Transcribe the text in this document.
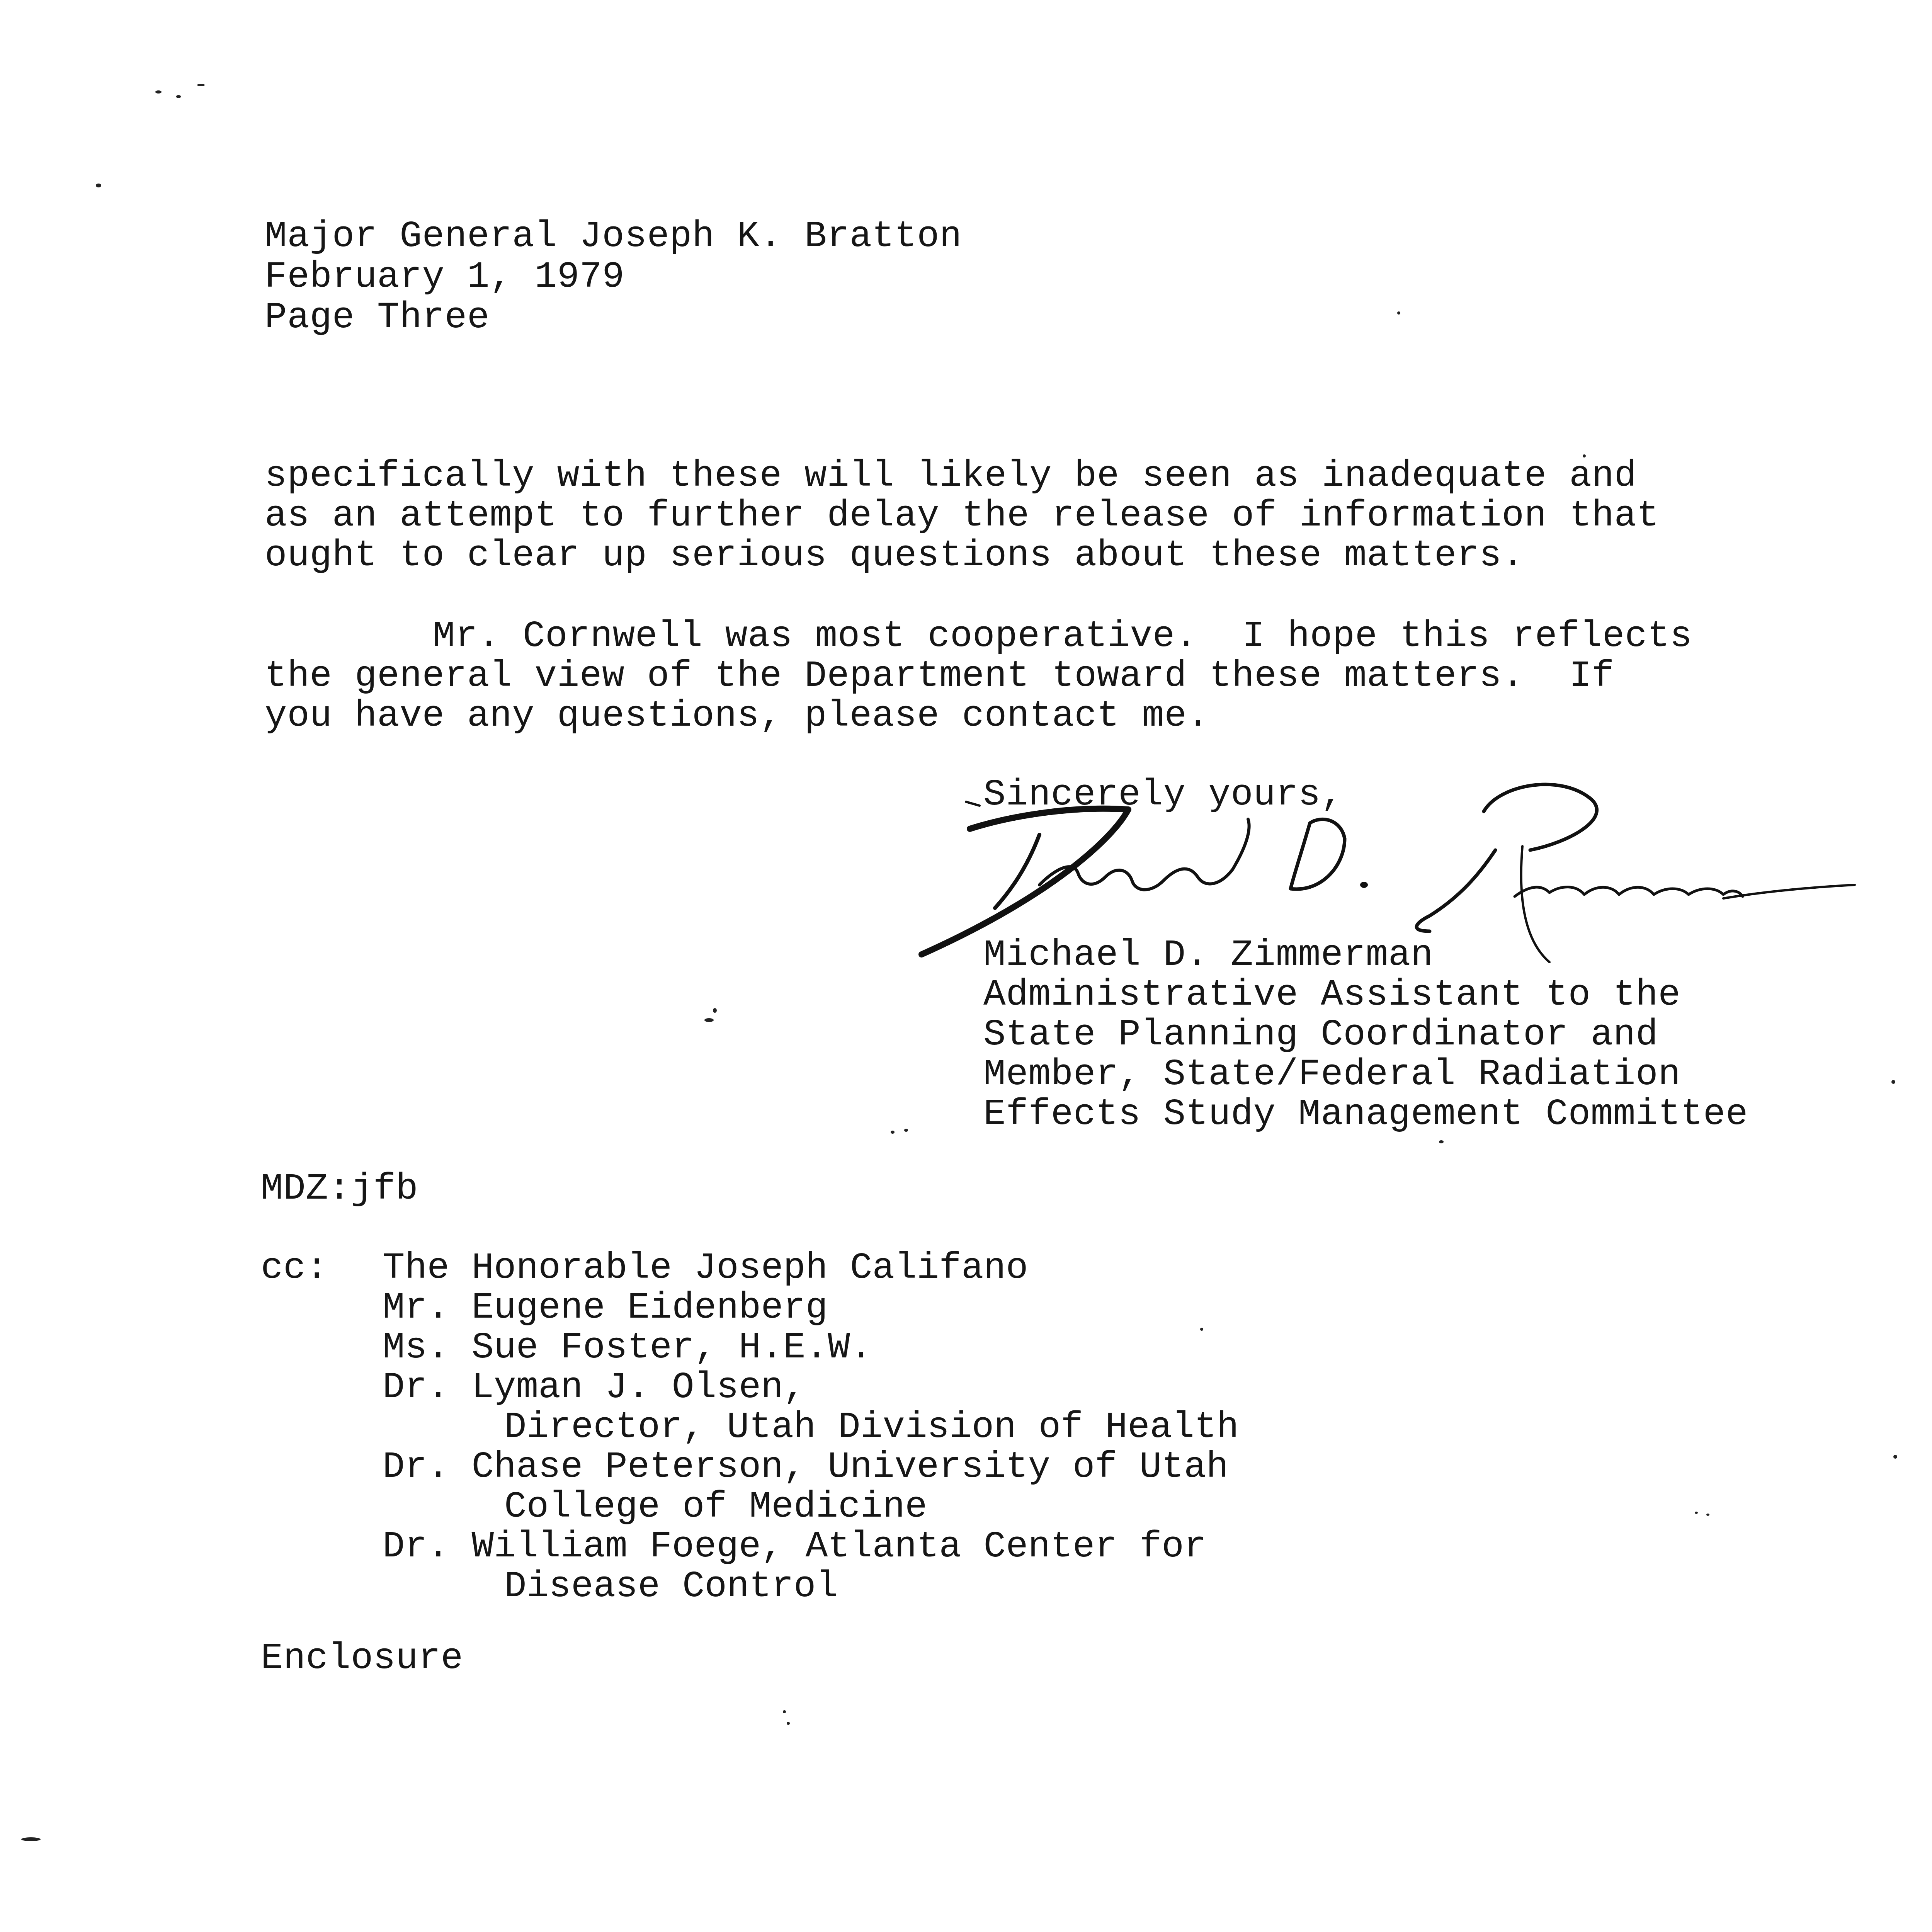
Major General Joseph K. Bratton
February 1, 1979
Page Three
specifically with these will likely be seen as inadequate and
as an attempt to further delay the release of information that
ought to clear up serious questions about these matters.
Mr. Cornwell was most cooperative.  I hope this reflects
the general view of the Department toward these matters.  If
you have any questions, please contact me.
Sincerely yours,
Michael D. Zimmerman
Administrative Assistant to the
State Planning Coordinator and
Member, State/Federal Radiation
Effects Study Management Committee
MDZ:jfb
cc: The Honorable Joseph Califano
Mr. Eugene Eidenberg
Ms. Sue Foster, H.E.W.
Dr. Lyman J. Olsen,
Director, Utah Division of Health
Dr. Chase Peterson, University of Utah
College of Medicine
Dr. William Foege, Atlanta Center for
Disease Control
Enclosure
